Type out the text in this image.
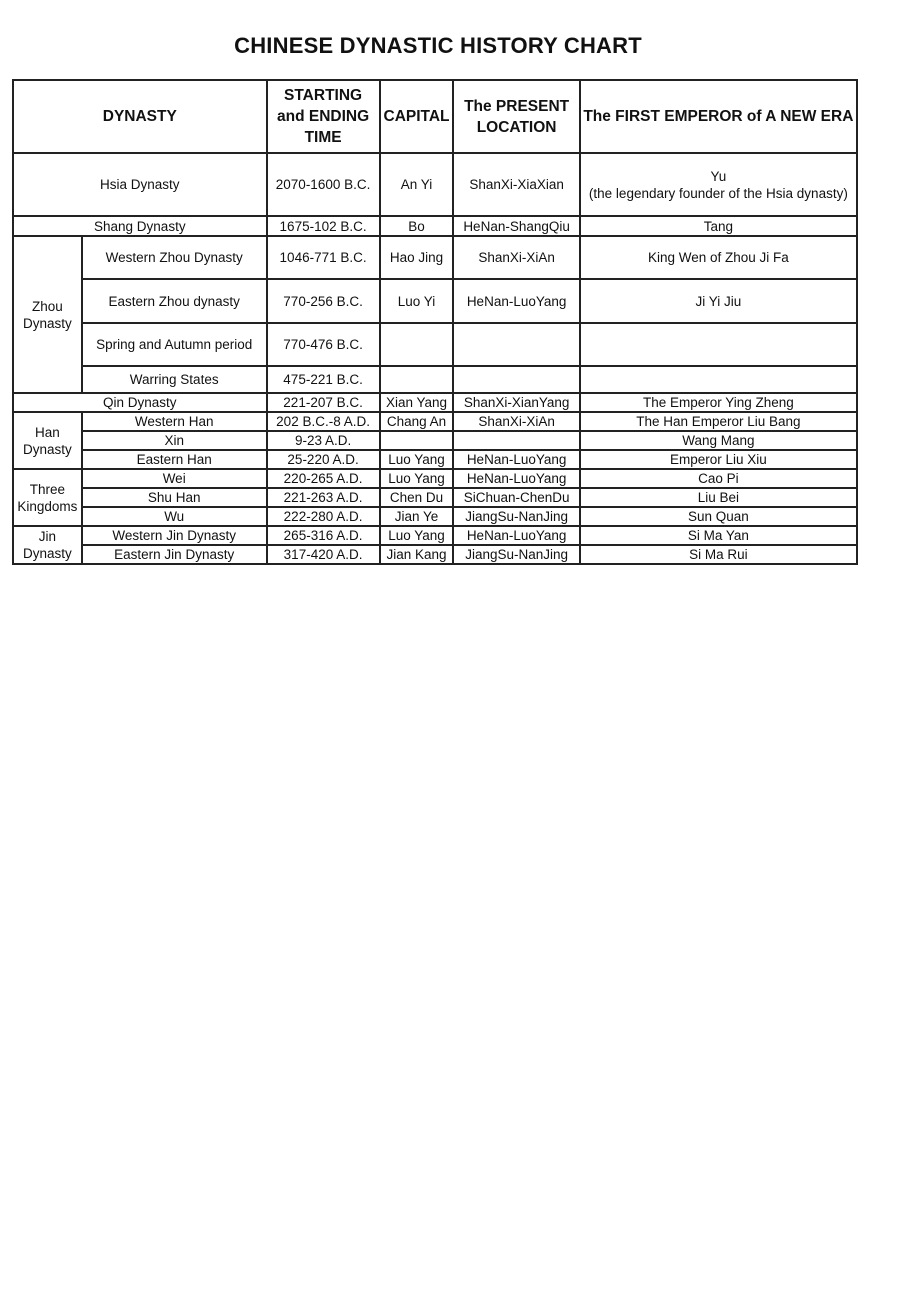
CHINESE DYNASTIC HISTORY CHART
DYNASTY		STARTING and ENDING TIME	CAPITAL	The PRESENT LOCATION	The FIRST EMPEROR of A NEW ERA
Hsia Dynasty		2070-1600 B.C.	An Yi	ShanXi-XiaXian	Yu
(the legendary founder of the Hsia dynasty)

Shang Dynasty		1675-102 B.C.	Bo	HeNan-ShangQiu	Tang
Zhou Dynasty	Western Zhou Dynasty	1046-771 B.C.	Hao Jing	ShanXi-XiAn	King Wen of Zhou Ji Fa
	Eastern Zhou dynasty	770-256 B.C.	Luo Yi	HeNan-LuoYang	Ji Yi Jiu
	Spring and Autumn period	770-476 B.C.			
	Warring States	475-221 B.C.			
Qin Dynasty		221-207 B.C.	Xian Yang	ShanXi-XianYang	The Emperor Ying Zheng
Han Dynasty	Western Han	202 B.C.-8 A.D.	Chang An	ShanXi-XiAn	The Han Emperor Liu Bang
	Xin	9-23 A.D.			Wang Mang
	Eastern Han	25-220 A.D.	Luo Yang	HeNan-LuoYang	Emperor Liu Xiu
Three Kingdoms	Wei	220-265 A.D.	Luo Yang	HeNan-LuoYang	Cao Pi
	Shu Han	221-263 A.D.	Chen Du	SiChuan-ChenDu	Liu Bei
	Wu	222-280 A.D.	Jian Ye	JiangSu-NanJing	Sun Quan
Jin Dynasty	Western Jin Dynasty	265-316 A.D.	Luo Yang	HeNan-LuoYang	Si Ma Yan
	Eastern Jin Dynasty	317-420 A.D.	Jian Kang	JiangSu-NanJing	Si Ma Rui
